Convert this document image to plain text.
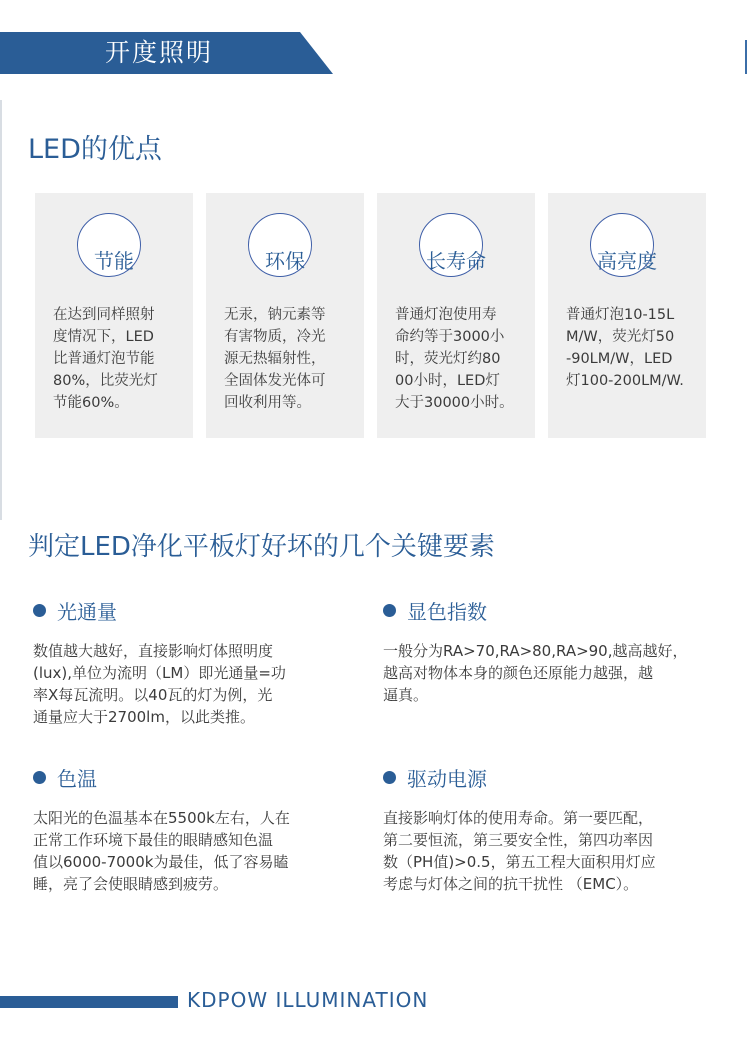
开度照明
LED的优点
节能
在达到同样照射
度情况下，LED
比普通灯泡节能
80%，比荧光灯
节能60%。
环保
无汞，钠元素等
有害物质，冷光
源无热辐射性，
全固体发光体可
回收利用等。
长寿命
普通灯泡使用寿
命约等于3000小
时，荧光灯约80
00小时，LED灯
大于30000小时。
高亮度
普通灯泡10-15L
M/W，荧光灯50
-90LM/W，LED
灯100-200LM/W.
判定LED净化平板灯好坏的几个关键要素
光通量
数值越大越好，直接影响灯体照明度
(lux),单位为流明（LM）即光通量=功
率X每瓦流明。以40瓦的灯为例，光
通量应大于2700lm，以此类推。
显色指数
一般分为RA>70,RA>80,RA>90,越高越好，
越高对物体本身的颜色还原能力越强，越
逼真。
色温
太阳光的色温基本在5500k左右，人在
正常工作环境下最佳的眼睛感知色温
值以6000-7000k为最佳，低了容易瞌
睡，亮了会使眼睛感到疲劳。
驱动电源
直接影响灯体的使用寿命。第一要匹配，
第二要恒流，第三要安全性，第四功率因
数（PH值)>0.5，第五工程大面积用灯应
考虑与灯体之间的抗干扰性 （EMC）。
KDPOW ILLUMINATION
